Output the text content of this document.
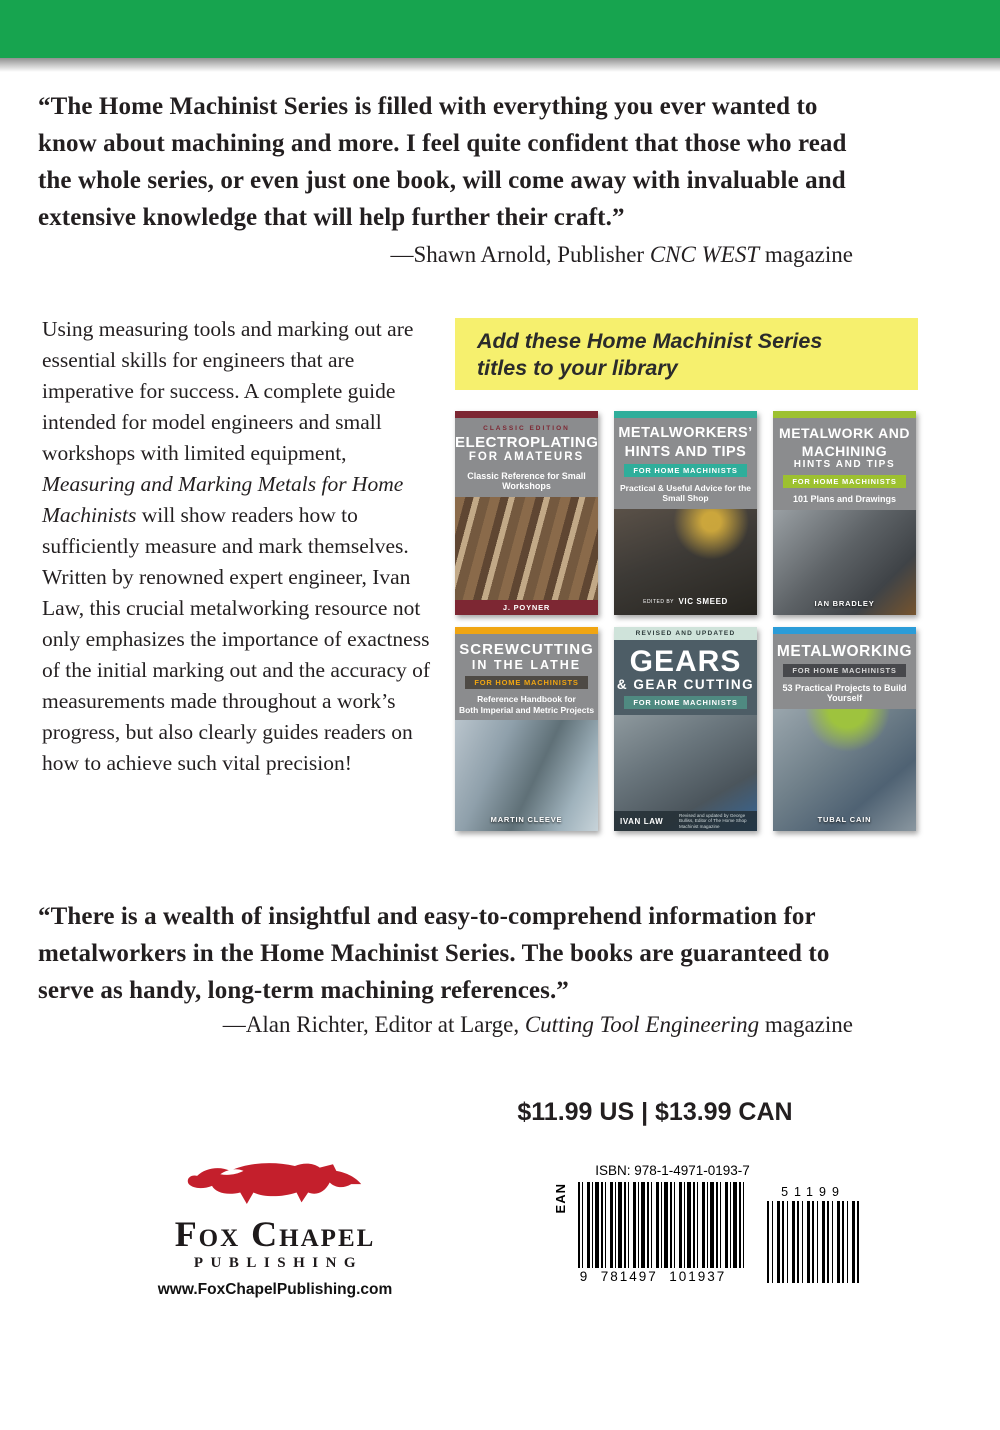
“The Home Machinist Series is filled with everything you ever wanted to know about machining and more. I feel quite confident that those who read the whole series, or even just one book, will come away with invaluable and extensive knowledge that will help further their craft.”
—Shawn Arnold, Publisher CNC WEST magazine
Using measuring tools and marking out are essential skills for engineers that are imperative for success. A complete guide intended for model engineers and small workshops with limited equipment, Measuring and Marking Metals for Home Machinists will show readers how to sufficiently measure and mark themselves. Written by renowned expert engineer, Ivan Law, this crucial metalworking resource not only emphasizes the importance of exactness of the initial marking out and the accuracy of measurements made throughout a work’s progress, but also clearly guides readers on how to achieve such vital precision!
Add these Home Machinist Series
titles to your library
CLASSIC EDITION
ELECTROPLATING
FOR AMATEURS
Classic Reference for Small Workshops
J. POYNER
METALWORKERS’
HINTS AND TIPS
FOR HOME MACHINISTS
Practical & Useful Advice for the Small Shop
EDITED BY VIC SMEED
METALWORK AND
MACHINING
HINTS AND TIPS
FOR HOME MACHINISTS
101 Plans and Drawings
IAN BRADLEY
SCREWCUTTING
IN THE LATHE
FOR HOME MACHINISTS
Reference Handbook for
Both Imperial and Metric Projects
MARTIN CLEEVE
REVISED AND UPDATED
GEARS
& GEAR CUTTING
FOR HOME MACHINISTS
IVAN LAW
Revised and updated by George Bulliss, Editor of The Home Shop Machinist magazine
METALWORKING
FOR HOME MACHINISTS
53 Practical Projects to Build Yourself
TUBAL CAIN
“There is a wealth of insightful and easy-to-comprehend information for metalworkers in the Home Machinist Series. The books are guaranteed to serve as handy, long-term machining references.”
—Alan Richter, Editor at Large, Cutting Tool Engineering magazine
$11.99 US | $13.99 CAN
Fox Chapel
PUBLISHING
www.FoxChapelPublishing.com
ISBN: 978-1-4971-0193-7
EAN
9  781497  101937
51199
